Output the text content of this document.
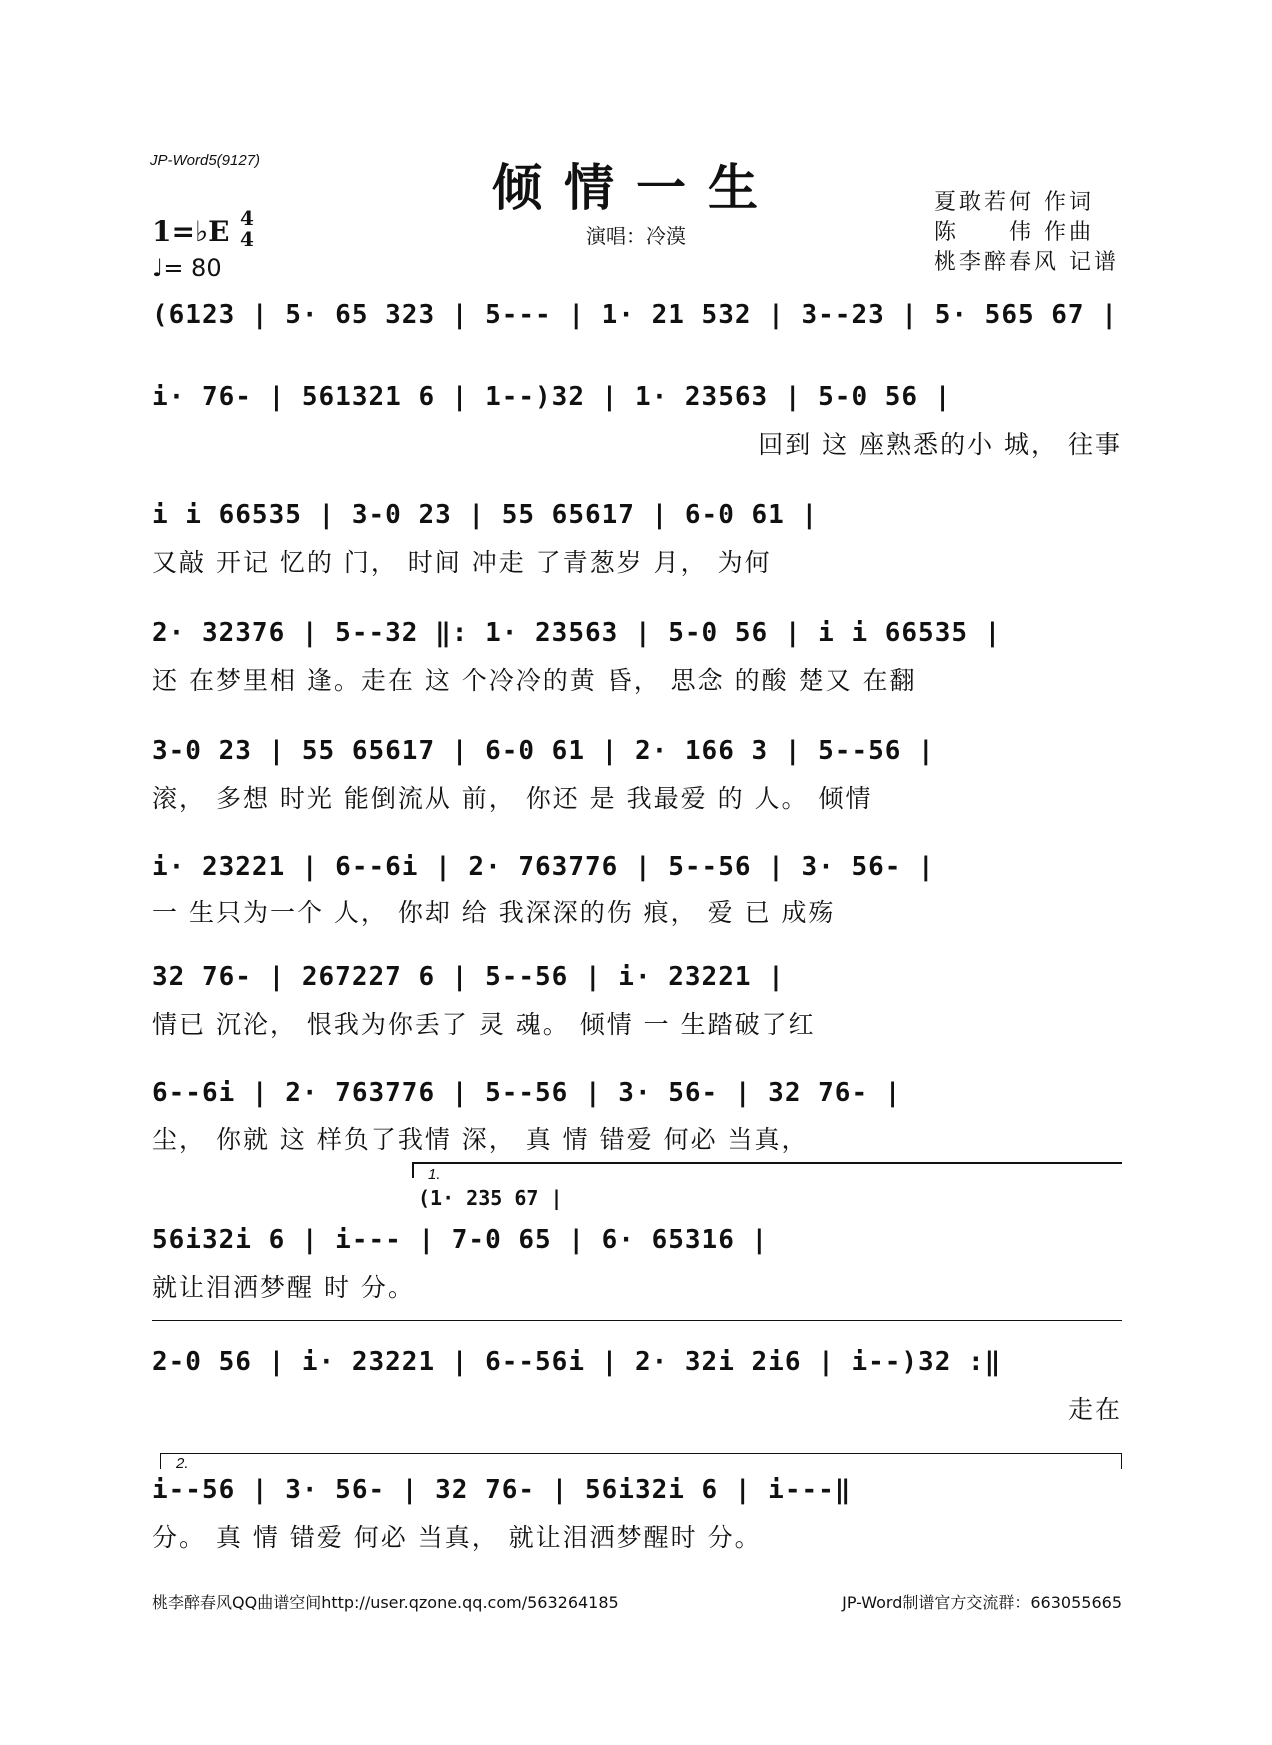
JP-Word5(9127)	倾情一生
演唱：冷漠
夏敢若何 作词
陈　　伟 作曲
桃李醉春风 记谱
1=♭E 4
4
♩= 80
(6123 | 5· 65 323 | 5--- | 1· 21 532 | 3--23 | 5· 565 67 |
i· 76- | 561321 6 | 1--)32 | 1· 23563 | 5-0 56 |
回到 这 座熟悉的小 城， 往事
i i 66535 | 3-0 23 | 55 65617 | 6-0 61 |
又敲 开记 忆的 门， 时间 冲走 了青葱岁 月， 为何
2· 32376 | 5--32 ‖: 1· 23563 | 5-0 56 | i i 66535 |
还 在梦里相 逢。走在 这 个冷冷的黄 昏， 思念 的酸 楚又 在翻
3-0 23 | 55 65617 | 6-0 61 | 2· 166 3 | 5--56 |
滚， 多想 时光 能倒流从 前， 你还 是 我最爱 的 人。 倾情
i· 23221 | 6--6i | 2· 763776 | 5--56 | 3· 56- |
一 生只为一个 人， 你却 给 我深深的伤 痕， 爱 已 成殇
32 76- | 267227 6 | 5--56 | i· 23221 |
情已 沉沦， 恨我为你丢了 灵 魂。 倾情 一 生踏破了红
6--6i | 2· 763776 | 5--56 | 3· 56- | 32 76- |
尘， 你就 这 样负了我情 深， 真 情 错爱 何必 当真，
1.
(1· 235 67 |
56i32i 6 | i--- | 7-0 65 | 6· 65316 |
就让泪洒梦醒 时 分。
2-0 56 | i· 23221 | 6--56i | 2· 32i 2i6 | i--)32 :‖
走在
2.
i--56 | 3· 56- | 32 76- | 56i32i 6 | i---‖
分。 真 情 错爱 何必 当真， 就让泪洒梦醒时 分。
桃李醉春风QQ曲谱空间http://user.qzone.qq.com/563264185	JP-Word制谱官方交流群：663055665
